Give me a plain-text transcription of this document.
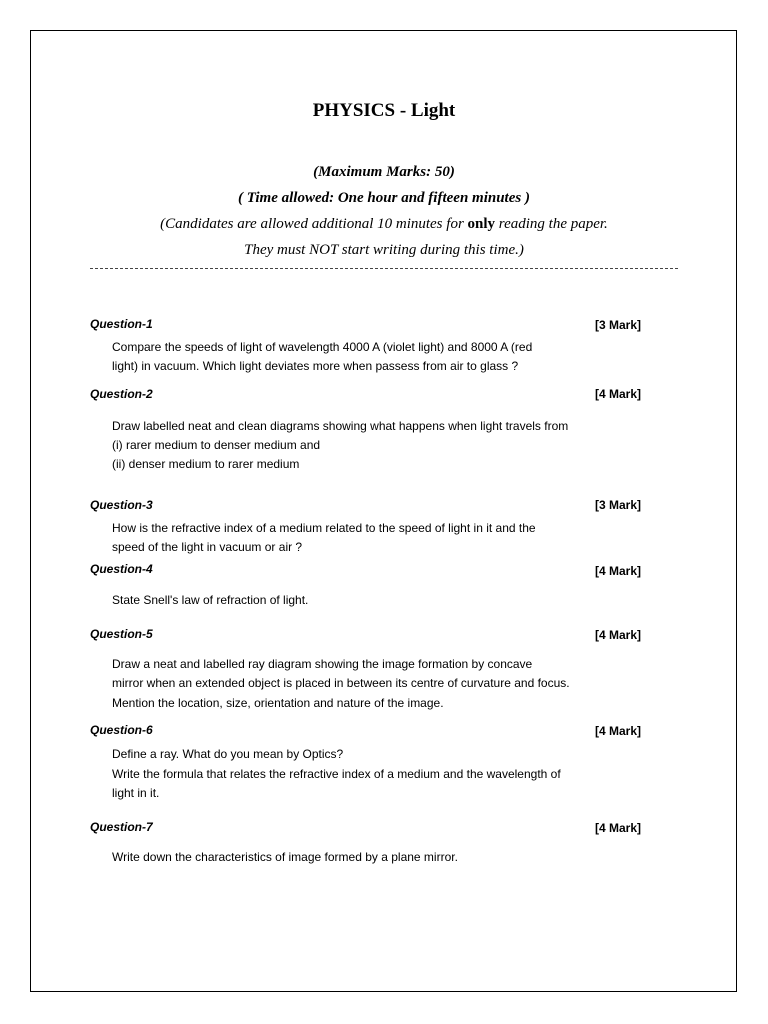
PHYSICS - Light
(Maximum Marks: 50)
( Time allowed: One hour and fifteen minutes )
(Candidates are allowed additional 10 minutes for only reading the paper.
They must NOT start writing during this time.)
Question-1	[3 Mark]
Compare the speeds of light of wavelength 4000 A (violet light) and 8000 A (red
light) in vacuum. Which light deviates more when passess from air to glass ?
Question-2	[4 Mark]
Draw labelled neat and clean diagrams showing what happens when light travels from
(i) rarer medium to denser medium and
(ii) denser medium to rarer medium
Question-3	[3 Mark]
How is the refractive index of a medium related to the speed of light in it and the
speed of the light in vacuum or air ?
Question-4	[4 Mark]
State Snell's law of refraction of light.
Question-5	[4 Mark]
Draw a neat and labelled ray diagram showing the image formation by concave
mirror when an extended object is placed in between its centre of curvature and focus.
Mention the location, size, orientation and nature of the image.
Question-6	[4 Mark]
Define a ray. What do you mean by Optics?
Write the formula that relates the refractive index of a medium and the wavelength of
light in it.
Question-7	[4 Mark]
Write down the characteristics of image formed by a plane mirror.
